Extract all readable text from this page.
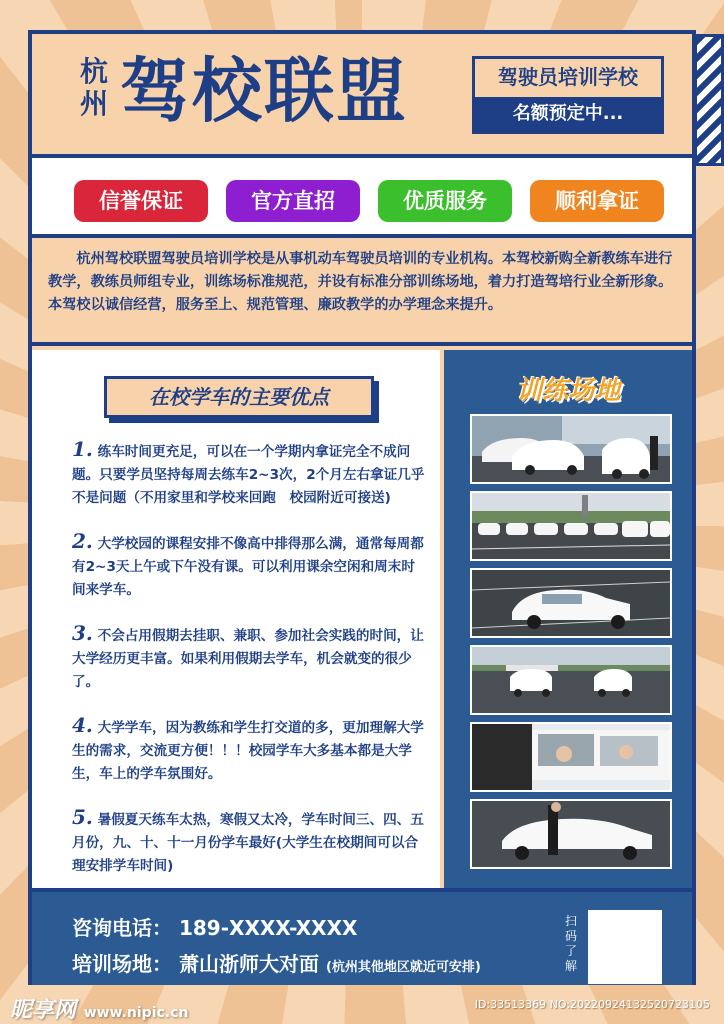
杭州 驾校联盟	驾驶员培训学校
名额预定中...
信誉保证	官方直招	优质服务	顺利拿证
杭州驾校联盟驾驶员培训学校是从事机动车驾驶员培训的专业机构。本驾校新购全新教练车进行教学，教练员师组专业，训练场标准规范，并设有标准分部训练场地，着力打造驾培行业全新形象。本驾校以诚信经营，服务至上、规范管理、廉政教学的办学理念来提升。
在校学车的主要优点
1. 练车时间更充足，可以在一个学期内拿证完全不成问题。只要学员坚持每周去练车2~3次，2个月左右拿证几乎不是问题（不用家里和学校来回跑　校园附近可接送)
2. 大学校园的课程安排不像高中排得那么满，通常每周都有2~3天上午或下午没有课。可以利用课余空闲和周末时间来学车。
3. 不会占用假期去挂职、兼职、参加社会实践的时间，让大学经历更丰富。如果利用假期去学车，机会就变的很少了。
4. 大学学车，因为教练和学生打交道的多，更加理解大学生的需求，交流更方便！！！校园学车大多基本都是大学生，车上的学车氛围好。
5. 暑假夏天练车太热，寒假又太冷，学车时间三、四、五月份，九、十、十一月份学车最好(大学生在校期间可以合理安排学车时间)
训练场地
咨询电话： 189-XXXX-XXXX
培训场地： 萧山浙师大对面 (杭州其他地区就近可安排)
扫码了解
昵享网 www.nipic.cn
ID:33513369 NO:20220924132520723105
